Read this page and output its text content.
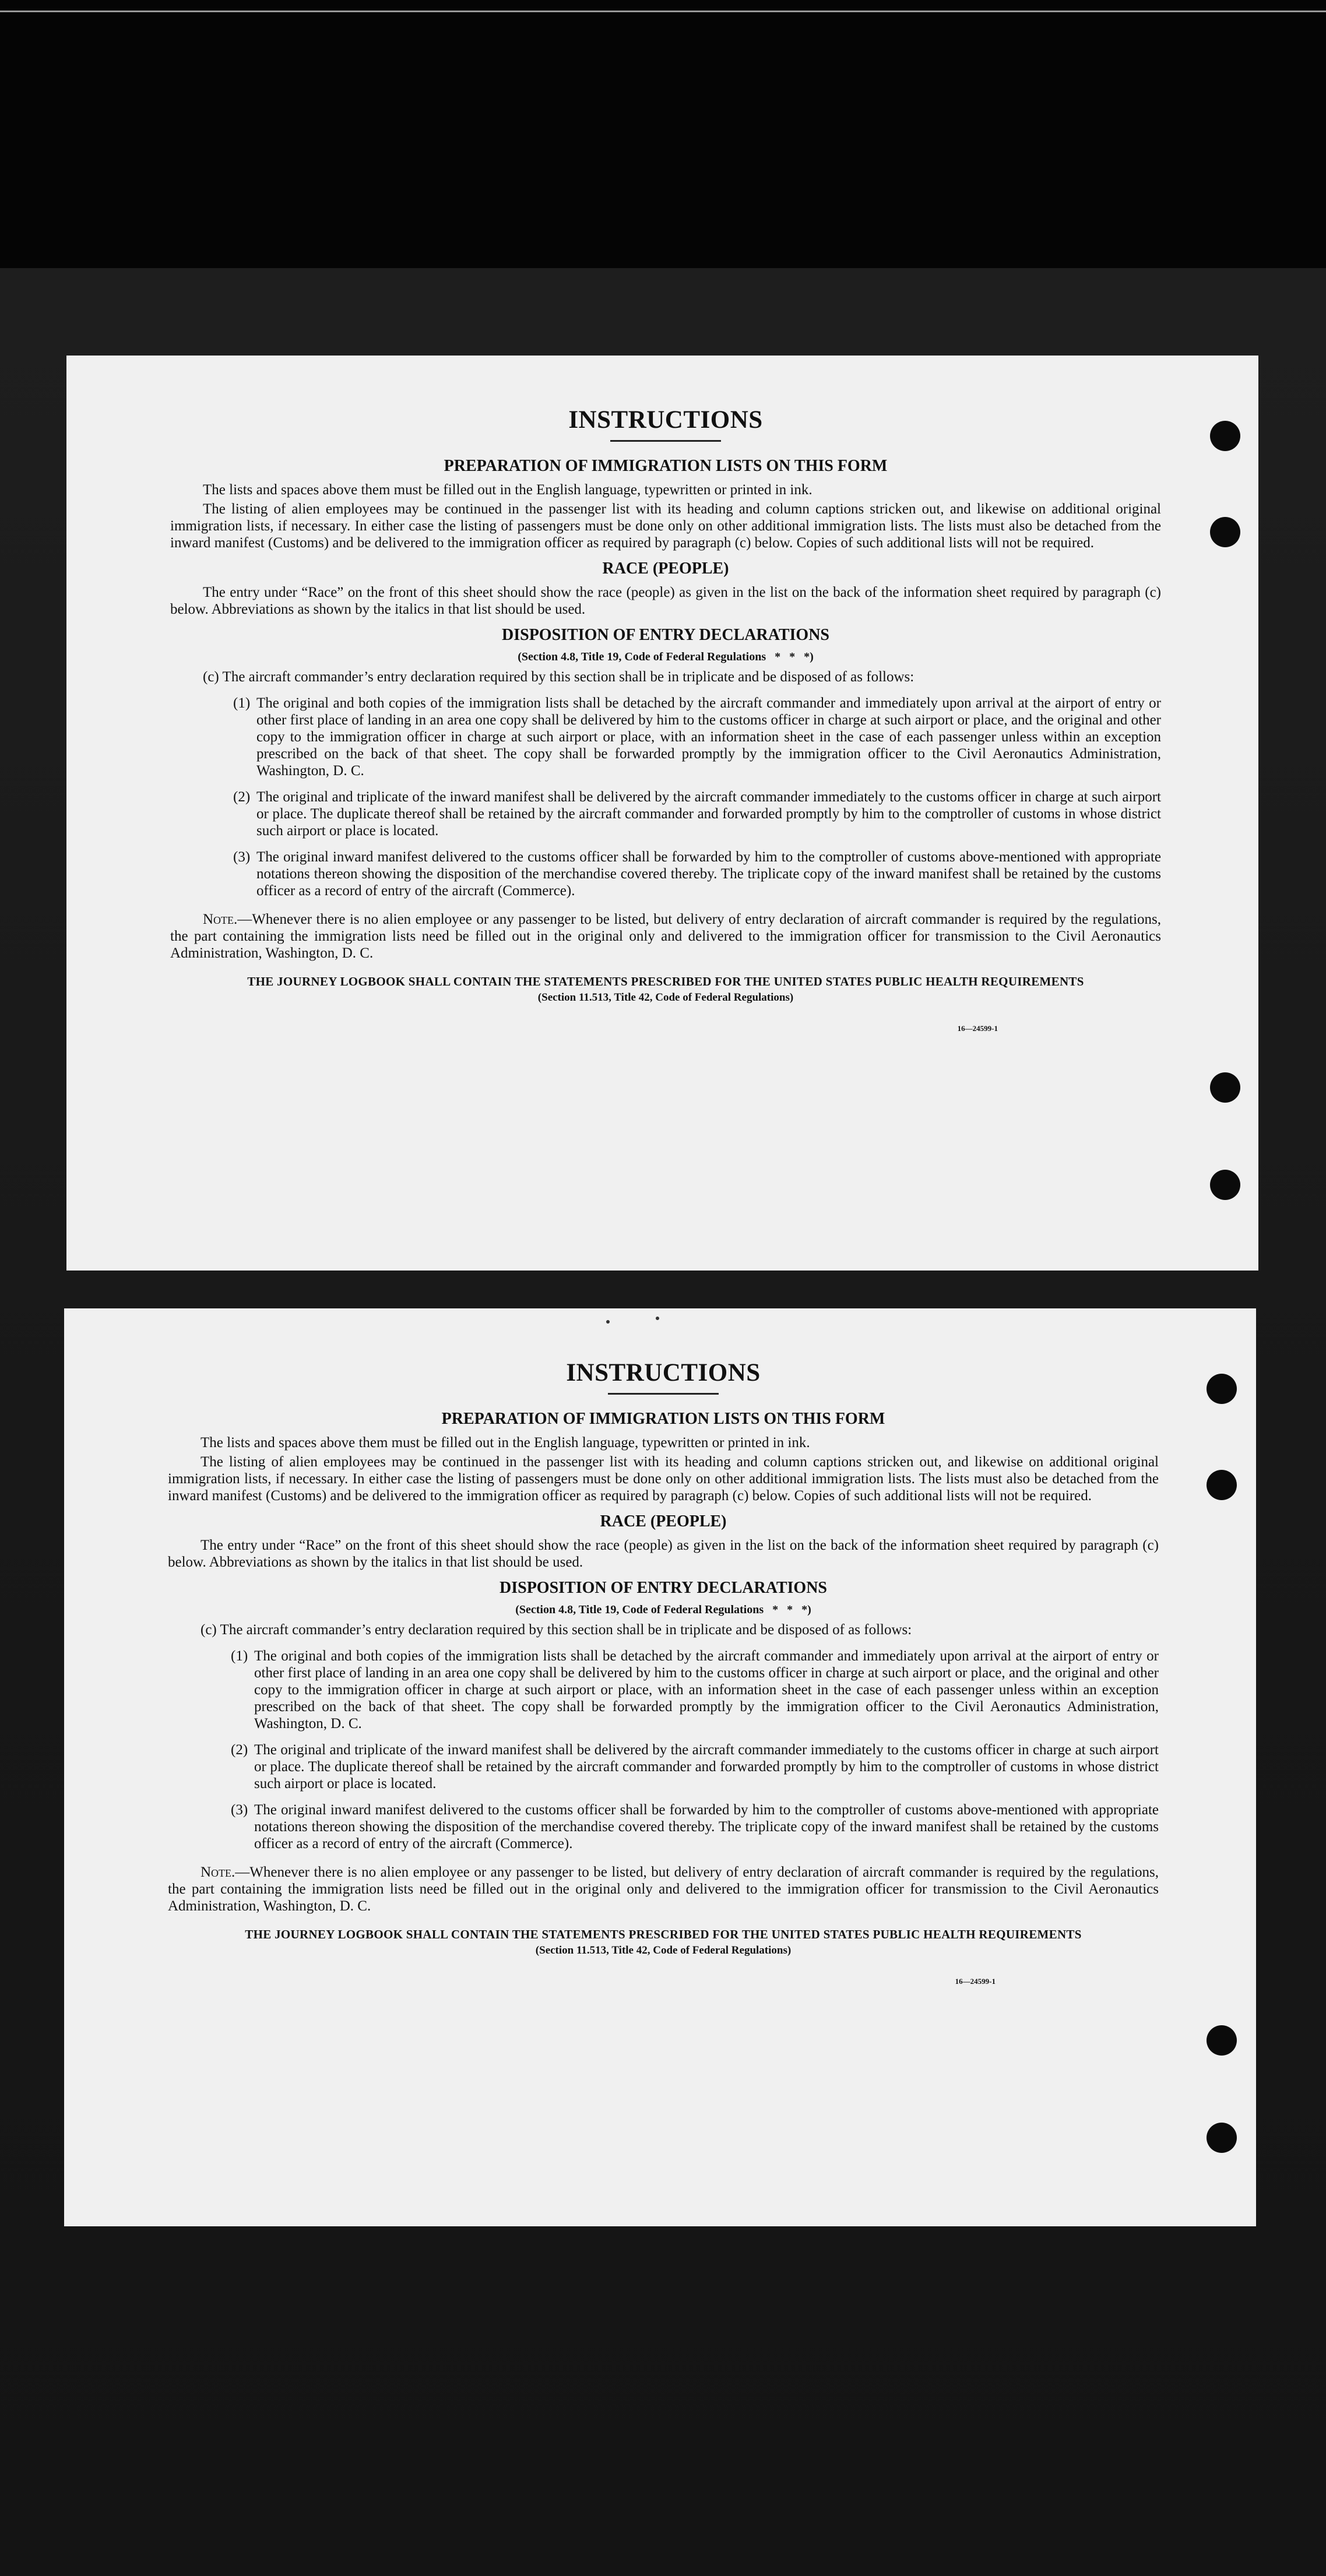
INSTRUCTIONS
PREPARATION OF IMMIGRATION LISTS ON THIS FORM

The lists and spaces above them must be filled out in the English language, typewritten or printed in ink.

The listing of alien employees may be continued in the passenger list with its heading and column captions stricken out, and likewise on additional original immigration lists, if necessary. In either case the listing of passengers must be done only on other additional immigration lists. The lists must also be detached from the inward manifest (Customs) and be delivered to the immigration officer as required by paragraph (c) below. Copies of such additional lists will not be required.

RACE (PEOPLE)

The entry under “Race” on the front of this sheet should show the race (people) as given in the list on the back of the information sheet required by paragraph (c) below. Abbreviations as shown by the italics in that list should be used.

DISPOSITION OF ENTRY DECLARATIONS
(Section 4.8, Title 19, Code of Federal Regulations  *  *  *)

(c) The aircraft commander’s entry declaration required by this section shall be in triplicate and be disposed of as follows:

(1) The original and both copies of the immigration lists shall be detached by the aircraft commander and immediately upon arrival at the airport of entry or other first place of landing in an area one copy shall be delivered by him to the customs officer in charge at such airport or place, and the original and other copy to the immigration officer in charge at such airport or place, with an information sheet in the case of each passenger unless within an exception prescribed on the back of that sheet. The copy shall be forwarded promptly by the immigration officer to the Civil Aeronautics Administration, Washington, D. C.
(2) The original and triplicate of the inward manifest shall be delivered by the aircraft commander immediately to the customs officer in charge at such airport or place. The duplicate thereof shall be retained by the aircraft commander and forwarded promptly by him to the comptroller of customs in whose district such airport or place is located.
(3) The original inward manifest delivered to the customs officer shall be forwarded by him to the comptroller of customs above-mentioned with appropriate notations thereon showing the disposition of the merchandise covered thereby. The triplicate copy of the inward manifest shall be retained by the customs officer as a record of entry of the aircraft (Commerce).

Note.—Whenever there is no alien employee or any passenger to be listed, but delivery of entry declaration of aircraft commander is required by the regulations, the part containing the immigration lists need be filled out in the original only and delivered to the immigration officer for transmission to the Civil Aeronautics Administration, Washington, D. C.

THE JOURNEY LOGBOOK SHALL CONTAIN THE STATEMENTS PRESCRIBED FOR THE UNITED STATES PUBLIC HEALTH REQUIREMENTS
(Section 11.513, Title 42, Code of Federal Regulations)
16—24599-1
INSTRUCTIONS
PREPARATION OF IMMIGRATION LISTS ON THIS FORM

The lists and spaces above them must be filled out in the English language, typewritten or printed in ink.

The listing of alien employees may be continued in the passenger list with its heading and column captions stricken out, and likewise on additional original immigration lists, if necessary. In either case the listing of passengers must be done only on other additional immigration lists. The lists must also be detached from the inward manifest (Customs) and be delivered to the immigration officer as required by paragraph (c) below. Copies of such additional lists will not be required.

RACE (PEOPLE)

The entry under “Race” on the front of this sheet should show the race (people) as given in the list on the back of the information sheet required by paragraph (c) below. Abbreviations as shown by the italics in that list should be used.

DISPOSITION OF ENTRY DECLARATIONS
(Section 4.8, Title 19, Code of Federal Regulations  *  *  *)

(c) The aircraft commander’s entry declaration required by this section shall be in triplicate and be disposed of as follows:

(1) The original and both copies of the immigration lists shall be detached by the aircraft commander and immediately upon arrival at the airport of entry or other first place of landing in an area one copy shall be delivered by him to the customs officer in charge at such airport or place, and the original and other copy to the immigration officer in charge at such airport or place, with an information sheet in the case of each passenger unless within an exception prescribed on the back of that sheet. The copy shall be forwarded promptly by the immigration officer to the Civil Aeronautics Administration, Washington, D. C.
(2) The original and triplicate of the inward manifest shall be delivered by the aircraft commander immediately to the customs officer in charge at such airport or place. The duplicate thereof shall be retained by the aircraft commander and forwarded promptly by him to the comptroller of customs in whose district such airport or place is located.
(3) The original inward manifest delivered to the customs officer shall be forwarded by him to the comptroller of customs above-mentioned with appropriate notations thereon showing the disposition of the merchandise covered thereby. The triplicate copy of the inward manifest shall be retained by the customs officer as a record of entry of the aircraft (Commerce).

Note.—Whenever there is no alien employee or any passenger to be listed, but delivery of entry declaration of aircraft commander is required by the regulations, the part containing the immigration lists need be filled out in the original only and delivered to the immigration officer for transmission to the Civil Aeronautics Administration, Washington, D. C.

THE JOURNEY LOGBOOK SHALL CONTAIN THE STATEMENTS PRESCRIBED FOR THE UNITED STATES PUBLIC HEALTH REQUIREMENTS
(Section 11.513, Title 42, Code of Federal Regulations)
16—24599-1
